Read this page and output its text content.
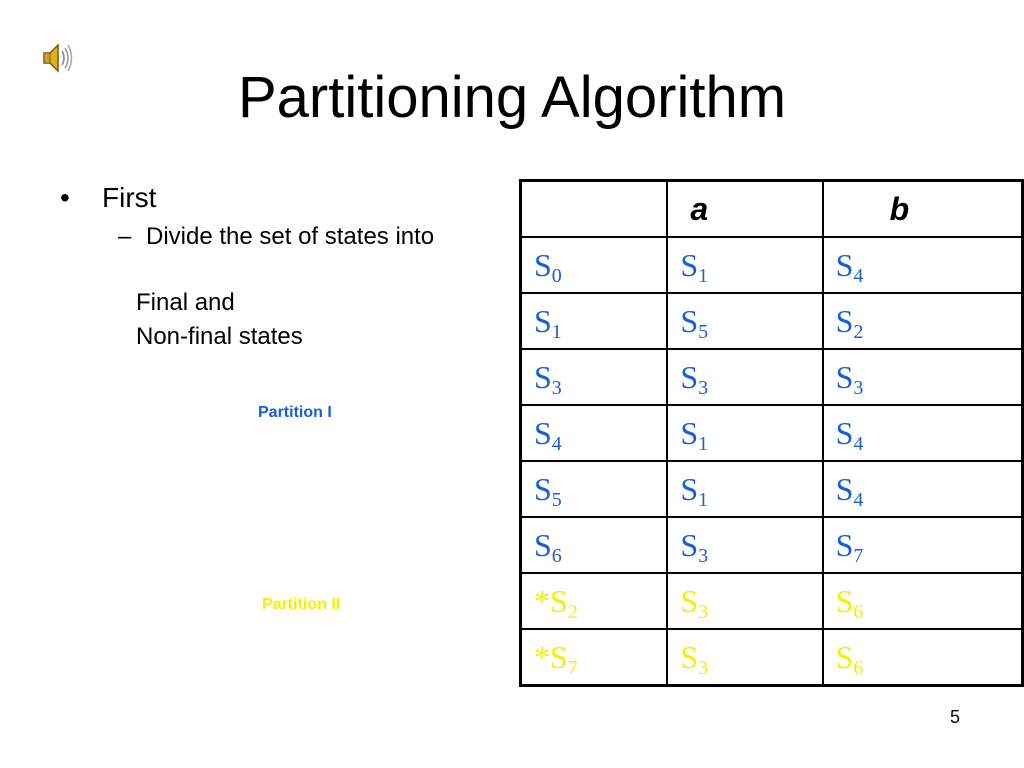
Partitioning Algorithm
• First
– Divide the set of states into
Final and
Non-final states
Partition I
Partition II
	a	b
$S_0$	$S_1$	$S_4$
$S_1$	$S_5$	$S_2$
$S_3$	$S_3$	$S_3$
$S_4$	$S_1$	$S_4$
$S_5$	$S_1$	$S_4$
$S_6$	$S_3$	$S_7$
$*S_2$	$S_3$	$S_6$
$*S_7$	$S_3$	$S_6$
5
